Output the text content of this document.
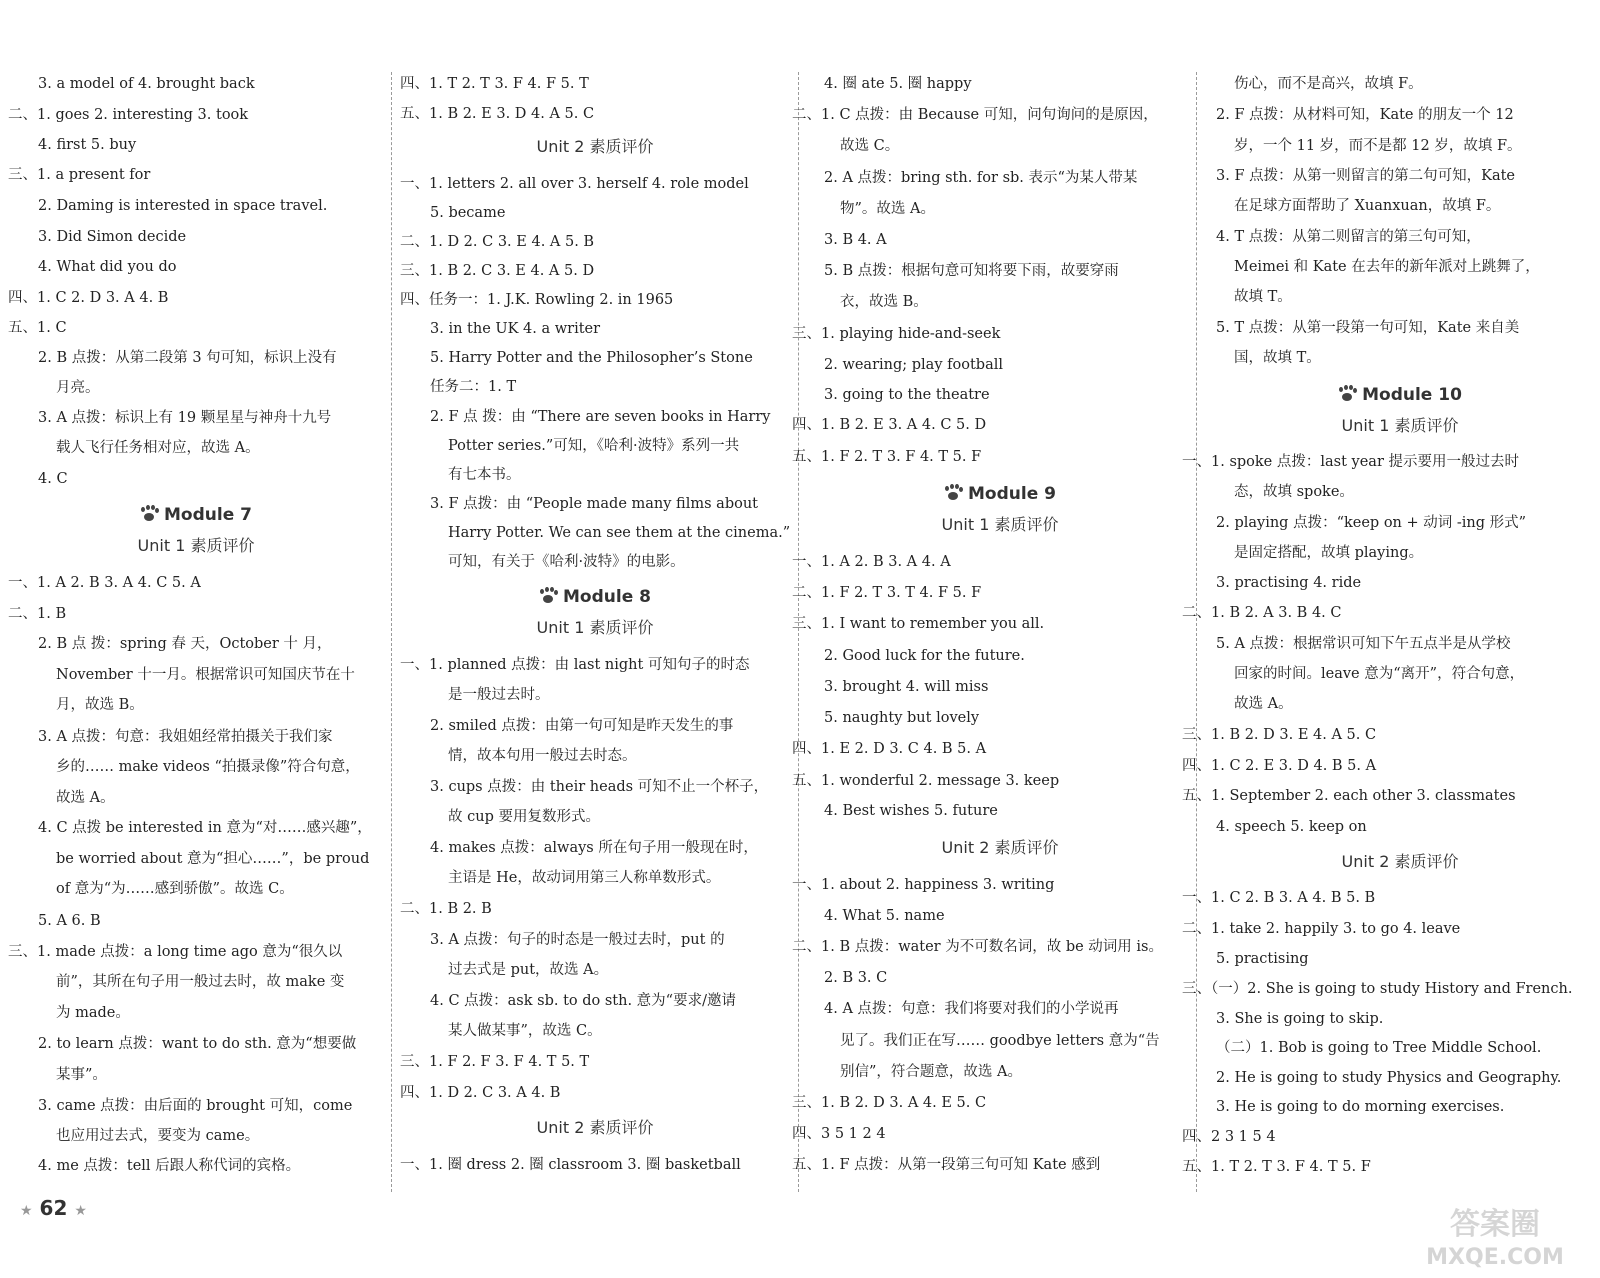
3. a model of 4. brought back
二、1. goes 2. interesting 3. took
4. first 5. buy
三、1. a present for
2. Daming is interested in space travel.
3. Did Simon decide
4. What did you do
四、1. C 2. D 3. A 4. B
五、1. C
2. B 点拨：从第二段第 3 句可知，标识上没有
月亮。
3. A 点拨：标识上有 19 颗星星与神舟十九号
载人飞行任务相对应，故选 A。
4. C
Module 7
Unit 1 素质评价
一、1. A 2. B 3. A 4. C 5. A
二、1. B
2. B 点 拨：spring 春 天，October 十 月，
November 十一月。根据常识可知国庆节在十
月，故选 B。
3. A 点拨：句意：我姐姐经常拍摄关于我们家
乡的…… make videos “拍摄录像”符合句意，
故选 A。
4. C 点拨 be interested in 意为“对……感兴趣”，
be worried about 意为“担心……”，be proud
of 意为“为……感到骄傲”。故选 C。
5. A 6. B
三、1. made 点拨：a long time ago 意为“很久以
前”，其所在句子用一般过去时，故 make 变
为 made。
2. to learn 点拨：want to do sth. 意为“想要做
某事”。
3. came 点拨：由后面的 brought 可知，come
也应用过去式，要变为 came。
4. me 点拨：tell 后跟人称代词的宾格。
四、1. T 2. T 3. F 4. F 5. T
五、1. B 2. E 3. D 4. A 5. C
Unit 2 素质评价
一、1. letters 2. all over 3. herself 4. role model
5. became
二、1. D 2. C 3. E 4. A 5. B
三、1. B 2. C 3. E 4. A 5. D
四、任务一：1. J.K. Rowling 2. in 1965
3. in the UK 4. a writer
5. Harry Potter and the Philosopher’s Stone
任务二：1. T
2. F 点 拨：由 “There are seven books in Harry
Potter series.”可知，《哈利·波特》系列一共
有七本书。
3. F 点拨：由 “People made many films about
Harry Potter. We can see them at the cinema.”
可知，有关于《哈利·波特》的电影。
Module 8
Unit 1 素质评价
一、1. planned 点拨：由 last night 可知句子的时态
是一般过去时。
2. smiled 点拨：由第一句可知是昨天发生的事
情，故本句用一般过去时态。
3. cups 点拨：由 their heads 可知不止一个杯子，
故 cup 要用复数形式。
4. makes 点拨：always 所在句子用一般现在时，
主语是 He，故动词用第三人称单数形式。
二、1. B 2. B
3. A 点拨：句子的时态是一般过去时，put 的
过去式是 put，故选 A。
4. C 点拨：ask sb. to do sth. 意为“要求/邀请
某人做某事”，故选 C。
三、1. F 2. F 3. F 4. T 5. T
四、1. D 2. C 3. A 4. B
Unit 2 素质评价
一、1. 圈 dress 2. 圈 classroom 3. 圈 basketball
4. 圈 ate 5. 圈 happy
二、1. C 点拨：由 Because 可知，问句询问的是原因，
故选 C。
2. A 点拨：bring sth. for sb. 表示“为某人带某
物”。故选 A。
3. B 4. A
5. B 点拨：根据句意可知将要下雨，故要穿雨
衣，故选 B。
三、1. playing hide-and-seek
2. wearing; play football
3. going to the theatre
四、1. B 2. E 3. A 4. C 5. D
五、1. F 2. T 3. F 4. T 5. F
Module 9
Unit 1 素质评价
一、1. A 2. B 3. A 4. A
二、1. F 2. T 3. T 4. F 5. F
三、1. I want to remember you all.
2. Good luck for the future.
3. brought 4. will miss
5. naughty but lovely
四、1. E 2. D 3. C 4. B 5. A
五、1. wonderful 2. message 3. keep
4. Best wishes 5. future
Unit 2 素质评价
一、1. about 2. happiness 3. writing
4. What 5. name
二、1. B 点拨：water 为不可数名词，故 be 动词用 is。
2. B 3. C
4. A 点拨：句意：我们将要对我们的小学说再
见了。我们正在写…… goodbye letters 意为“告
别信”，符合题意，故选 A。
三、1. B 2. D 3. A 4. E 5. C
四、3 5 1 2 4
五、1. F 点拨：从第一段第三句可知 Kate 感到
伤心，而不是高兴，故填 F。
2. F 点拨：从材料可知，Kate 的朋友一个 12
岁，一个 11 岁，而不是都 12 岁，故填 F。
3. F 点拨：从第一则留言的第二句可知，Kate
在足球方面帮助了 Xuanxuan，故填 F。
4. T 点拨：从第二则留言的第三句可知，
Meimei 和 Kate 在去年的新年派对上跳舞了，
故填 T。
5. T 点拨：从第一段第一句可知，Kate 来自美
国，故填 T。
Module 10
Unit 1 素质评价
一、1. spoke 点拨：last year 提示要用一般过去时
态，故填 spoke。
2. playing 点拨：“keep on + 动词 -ing 形式”
是固定搭配，故填 playing。
3. practising 4. ride
二、1. B 2. A 3. B 4. C
5. A 点拨：根据常识可知下午五点半是从学校
回家的时间。leave 意为“离开”，符合句意，
故选 A。
三、1. B 2. D 3. E 4. A 5. C
四、1. C 2. E 3. D 4. B 5. A
五、1. September 2. each other 3. classmates
4. speech 5. keep on
Unit 2 素质评价
一、1. C 2. B 3. A 4. B 5. B
二、1. take 2. happily 3. to go 4. leave
5. practising
三、（一）2. She is going to study History and French.
3. She is going to skip.
（二）1. Bob is going to Tree Middle School.
2. He is going to study Physics and Geography.
3. He is going to do morning exercises.
四、2 3 1 5 4
五、1. T 2. T 3. F 4. T 5. F
★ 62 ★	答案圈
MXQE.COM
